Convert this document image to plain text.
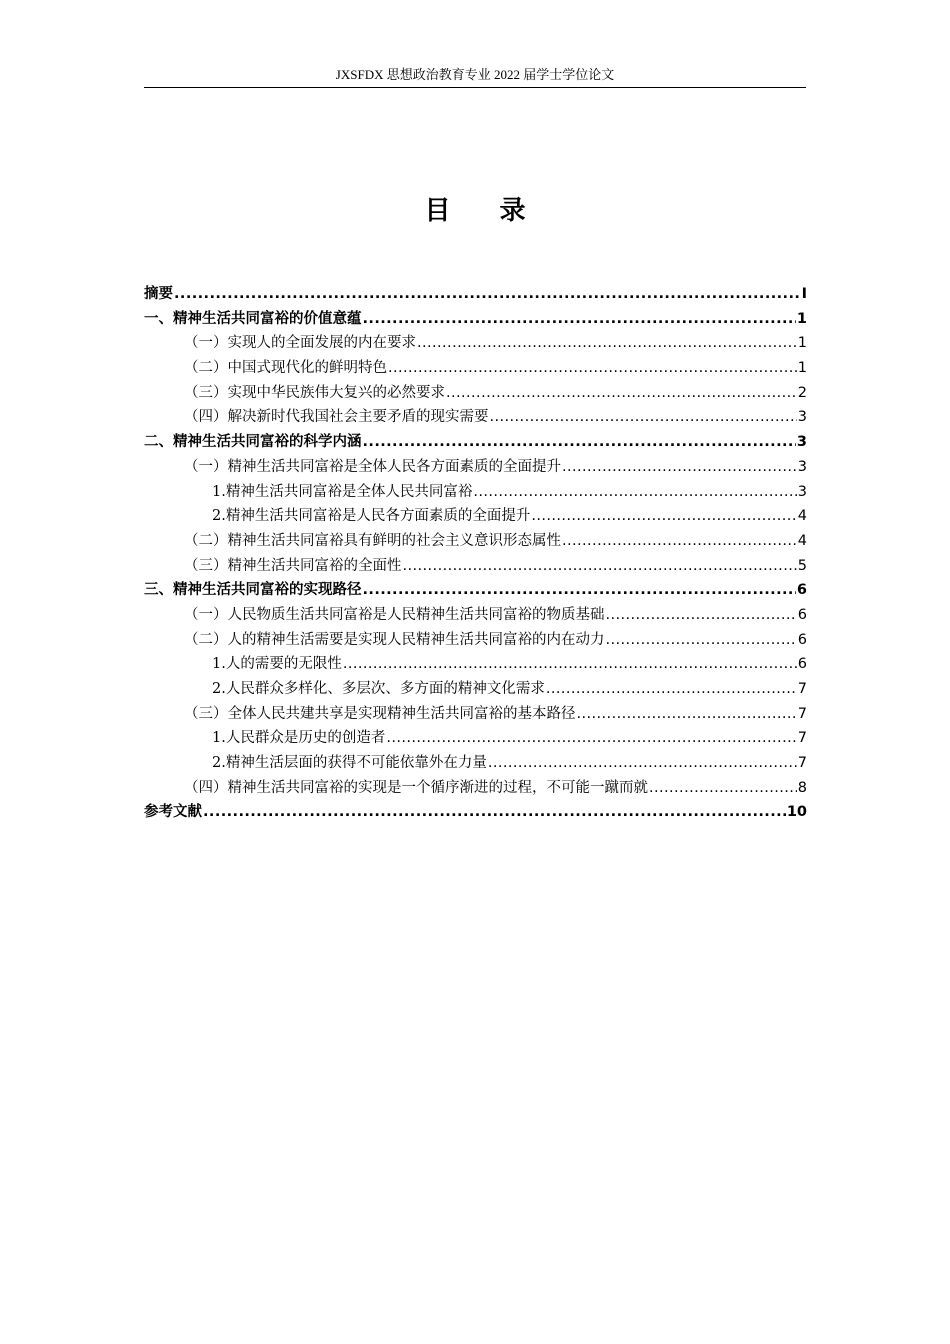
JXSFDX 思想政治教育专业 2022 届学士学位论文
目 录
摘要 .....	I
一、精神生活共同富裕的价值意蕴 .....	1
（一）实现人的全面发展的内在要求 .....	1
（二）中国式现代化的鲜明特色 .....	1
（三）实现中华民族伟大复兴的必然要求 .....	2
（四）解决新时代我国社会主要矛盾的现实需要 .....	3
二、精神生活共同富裕的科学内涵 .....	3
（一）精神生活共同富裕是全体人民各方面素质的全面提升 .....	3
1.精神生活共同富裕是全体人民共同富裕 .....	3
2.精神生活共同富裕是人民各方面素质的全面提升 .....	4
（二）精神生活共同富裕具有鲜明的社会主义意识形态属性 .....	4
（三）精神生活共同富裕的全面性 .....	5
三、精神生活共同富裕的实现路径 .....	6
（一）人民物质生活共同富裕是人民精神生活共同富裕的物质基础 .....	6
（二）人的精神生活需要是实现人民精神生活共同富裕的内在动力 .....	6
1.人的需要的无限性 .....	6
2.人民群众多样化、多层次、多方面的精神文化需求 .....	7
（三）全体人民共建共享是实现精神生活共同富裕的基本路径 .....	7
1.人民群众是历史的创造者 .....	7
2.精神生活层面的获得不可能依靠外在力量 .....	7
（四）精神生活共同富裕的实现是一个循序渐进的过程，不可能一蹴而就 .....	8
参考文献 .....	10
